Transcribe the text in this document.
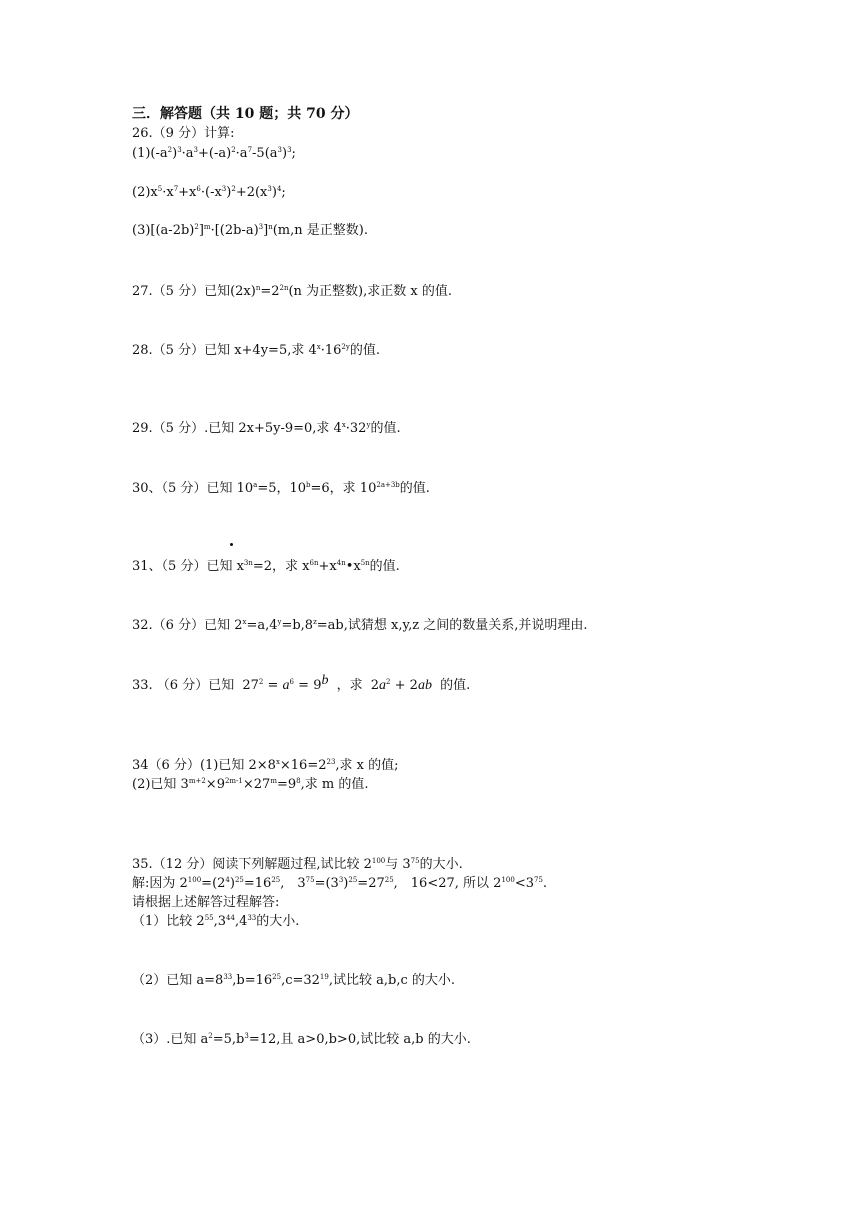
三．解答题（共 10 题；共 70 分）
26.（9 分）计算:
$(1)(-a^2)^3\cdot a^3+(-a)^2\cdot a^7-5(a^3)^3$;
$(2)x^5\cdot x^7+x^6\cdot(-x^3)^2+2(x^3)^4$;
$(3)[(a-2b)^2]^m\cdot[(2b-a)^3]^n(m,n$ 是正整数).
27.（5 分）已知$(2x)^n=2^{2n}(n$ 为正整数),求正数 x 的值.
28.（5 分）已知 x+4y=5,求 $4^x\cdot 16^{2y}$的值.
29.（5 分）.已知 2x+5y-9=0,求 $4^x\cdot 32^y$的值.
30、（5 分）已知 $10^a=5$，$10^b=6$，求 $10^{2a+3b}$的值.
31、（5 分）已知 $x^{3n}=2$，求 $x^{6n}+x^{4n}•x^{5n}$的值.
32.（6 分）已知 $2^x=a,4^y=b,8^z=ab$,试猜想 x,y,z 之间的数量关系,并说明理由.
33. （6 分）已知 $27^2 = a^6 = 9^b$ ，求 $2a^2 + 2ab$ 的值.
34（6 分）(1)已知 $2\times 8^x\times 16=2^{23}$,求 x 的值;
(2)已知 $3^{m+2}\times 9^{2m-1}\times 27^m=9^8$,求 m 的值.
35.（12 分）阅读下列解题过程,试比较 $2^{100}$与 $3^{75}$的大小.
解:因为 $2^{100}=(2^4)^{25}=16^{25}$,　$3^{75}=(3^3)^{25}=27^{25}$,　16<27, 所以 $2^{100}<3^{75}$.
请根据上述解答过程解答:
（1）比较 $2^{55},3^{44},4^{33}$的大小.
（2）已知 $a=8^{33},b=16^{25},c=32^{19}$,试比较 a,b,c 的大小.
（3）.已知 $a^2=5,b^3=12$,且 a>0,b>0,试比较 a,b 的大小.
